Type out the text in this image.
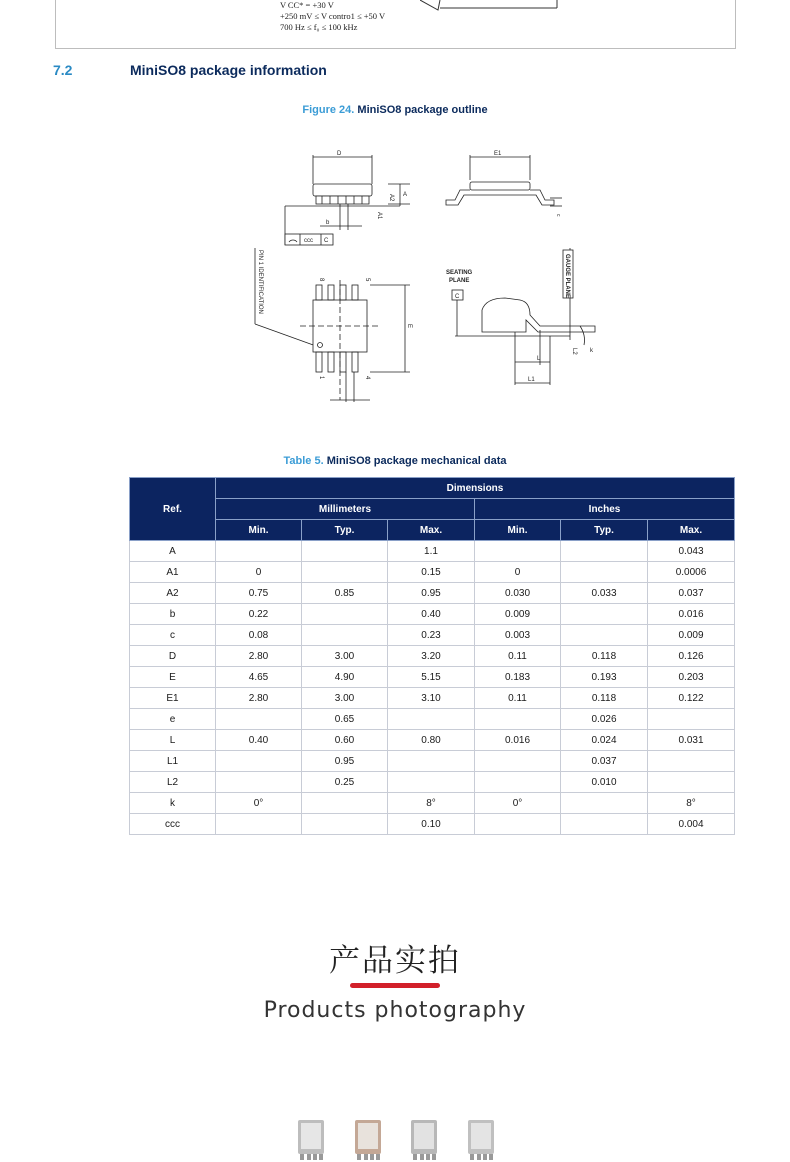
V CC* = +30 V
+250 mV ≤ V contro1 ≤ +50 V
700 Hz ≤ f₀ ≤ 100 kHz
7.2	MiniSO8 package information
Figure 24. MiniSO8 package outline
D
A
A2
A1
b
ccc C
E1
c
PIN 1 IDENTIFICATION	8	5
1	4
E
SEATING
PLANE
C	GAUGE PLANE
L
L1
L2 k
Table 5. MiniSO8 package mechanical data
Ref.	Dimensions					
	Millimeters			Inches		
	Min.	Typ.	Max.	Min.	Typ.	Max.
A			1.1			0.043
A1	0		0.15	0		0.0006
A2	0.75	0.85	0.95	0.030	0.033	0.037
b	0.22		0.40	0.009		0.016
c	0.08		0.23	0.003		0.009
D	2.80	3.00	3.20	0.11	0.118	0.126
E	4.65	4.90	5.15	0.183	0.193	0.203
E1	2.80	3.00	3.10	0.11	0.118	0.122
e		0.65			0.026	
L	0.40	0.60	0.80	0.016	0.024	0.031
L1		0.95			0.037	
L2		0.25			0.010	
k	0°		8°	0°		8°
ccc			0.10			0.004
产品实拍
Products photography
